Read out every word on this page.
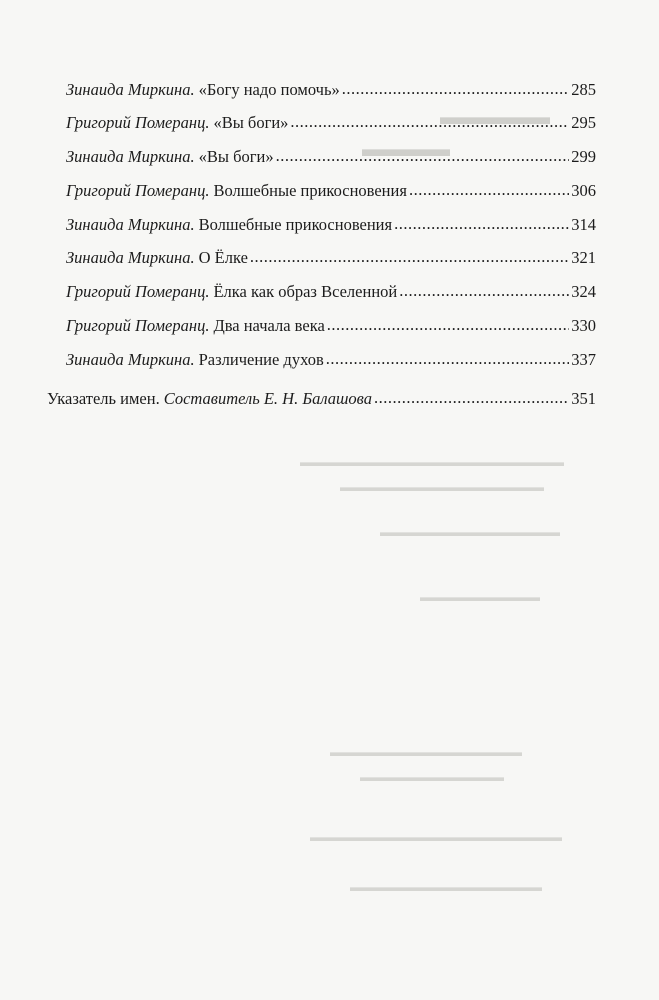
▬▬▬▬▬
▬▬▬▬
▬▬▬▬▬▬▬▬▬▬▬▬▬▬▬▬▬▬▬▬▬▬
▬▬▬▬▬▬▬▬▬▬▬▬▬▬▬▬▬
▬▬▬▬▬▬▬▬▬▬▬▬▬▬▬
▬▬▬▬▬▬▬▬▬▬
▬▬▬▬▬▬▬▬▬▬▬▬▬▬▬▬
▬▬▬▬▬▬▬▬▬▬▬▬
▬▬▬▬▬▬▬▬▬▬▬▬▬▬▬▬▬▬▬▬▬
▬▬▬▬▬▬▬▬▬▬▬▬▬▬▬▬
Зинаида Миркина. «Богу надо помочь» .....	285
Григорий Померанц. «Вы боги» .....	295
Зинаида Миркина. «Вы боги» .....	299
Григорий Померанц. Волшебные прикосновения .....	306
Зинаида Миркина. Волшебные прикосновения .....	314
Зинаида Миркина. О Ёлке .....	321
Григорий Померанц. Ёлка как образ Вселенной .....	324
Григорий Померанц. Два начала века .....	330
Зинаида Миркина. Различение духов .....	337
Указатель имен. Составитель Е. Н. Балашова .....	351
